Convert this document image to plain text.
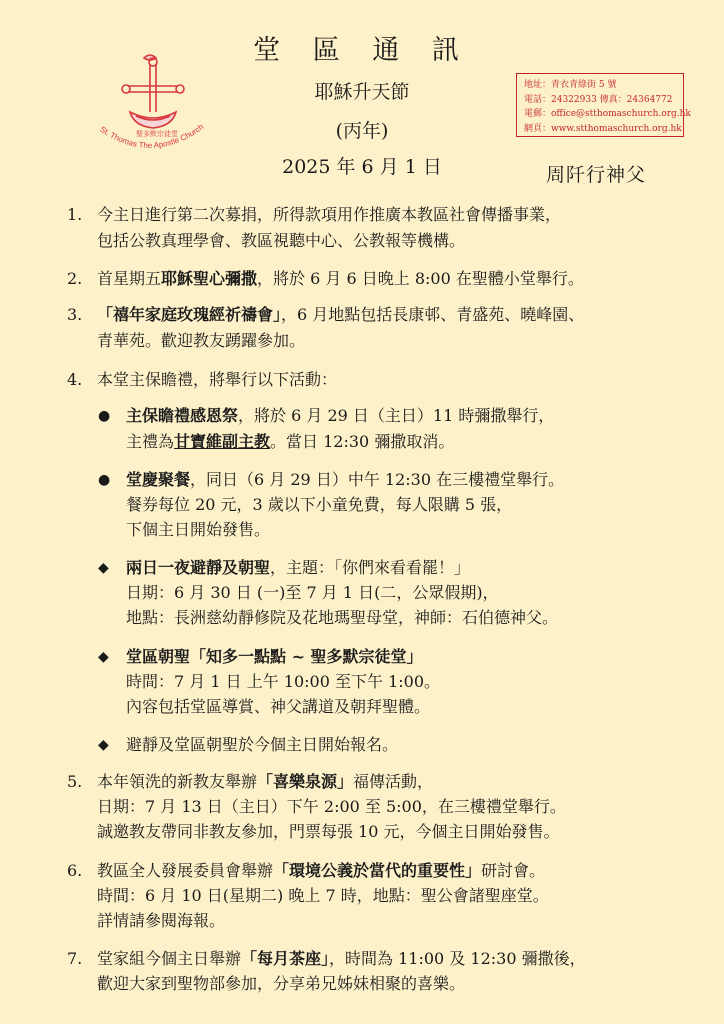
堂 區 通 訊
耶穌升天節
(丙年)
2025 年 6 月 1 日	周阡行神父
St. Thomas The Apostle Church
聖多默宗徒堂
地址：青衣青綠街 5 號
電話：24322933 傳真：24364772
電郵：office@stthomaschurch.org.hk
網頁：www.stthomaschurch.org.hk
1. 今主日進行第二次募捐，所得款項用作推廣本教區社會傳播事業，
包括公教真理學會、教區視聽中心、公教報等機構。
2. 首星期五耶穌聖心彌撒，將於 6 月 6 日晚上 8:00 在聖體小堂舉行。
3. 「禧年家庭玫瑰經祈禱會」，6 月地點包括長康邨、青盛苑、曉峰園、
青華苑。歡迎教友踴躍參加。
4. 本堂主保瞻禮，將舉行以下活動：
● 主保瞻禮感恩祭，將於 6 月 29 日（主日）11 時彌撒舉行，
主禮為甘寶維副主教。當日 12:30 彌撒取消。
● 堂慶聚餐，同日（6 月 29 日）中午 12:30 在三樓禮堂舉行。
餐券每位 20 元，3 歲以下小童免費，每人限購 5 張，
下個主日開始發售。
◆ 兩日一夜避靜及朝聖，主題：「你們來看看罷！」
日期：6 月 30 日 (一)至 7 月 1 日(二，公眾假期)，
地點：長洲慈幼靜修院及花地瑪聖母堂，神師：石伯德神父。
◆ 堂區朝聖「知多一點點 ~ 聖多默宗徒堂」
時間：7 月 1 日 上午 10:00 至下午 1:00。
內容包括堂區導賞、神父講道及朝拜聖體。
◆ 避靜及堂區朝聖於今個主日開始報名。
5. 本年領洗的新教友舉辦「喜樂泉源」福傳活動，
日期：7 月 13 日（主日）下午 2:00 至 5:00，在三樓禮堂舉行。
誠邀教友帶同非教友參加，門票每張 10 元，今個主日開始發售。
6. 教區全人發展委員會舉辦「環境公義於當代的重要性」研討會。
時間：6 月 10 日(星期二) 晚上 7 時，地點：聖公會諸聖座堂。
詳情請參閱海報。
7. 堂家組今個主日舉辦「每月茶座」，時間為 11:00 及 12:30 彌撒後，
歡迎大家到聖物部參加，分享弟兄姊妹相聚的喜樂。
